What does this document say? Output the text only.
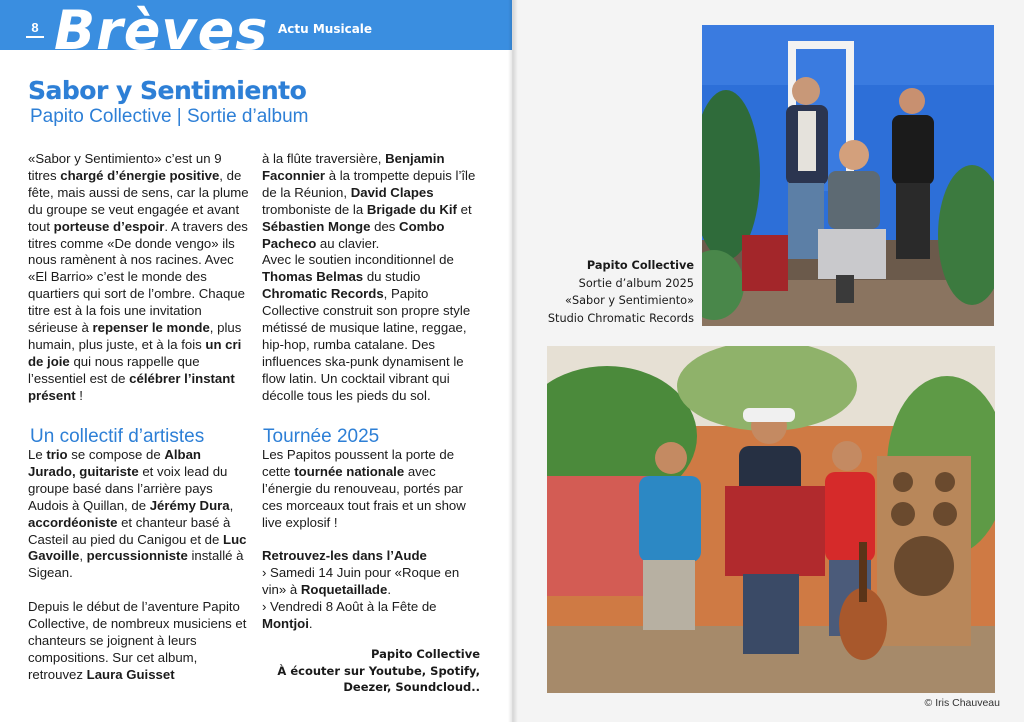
8 Brèves Actu Musicale
Sabor y Sentimiento
Papito Collective | Sortie d’album

«Sabor y Sentimiento» c’est un 9 titres chargé d’énergie positive, de fête, mais aussi de sens, car la plume du groupe se veut engagée et avant tout porteuse d’espoir. A travers des titres comme «De donde vengo» ils nous ramènent à nos racines. Avec «El Barrio» c’est le monde des quartiers qui sort de l’ombre. Chaque titre est à la fois une invitation sérieuse à repenser le monde, plus humain, plus juste, et à la fois un cri de joie qui nous rappelle que l’essentiel est de célébrer l’instant présent !

à la flûte traversière, Benjamin Faconnier à la trompette depuis l’île de la Réunion, David Clapes tromboniste de la Brigade du Kif et Sébastien Monge des Combo Pacheco au clavier.

Avec le soutien inconditionnel de Thomas Belmas du studio Chromatic Records, Papito Collective construit son propre style métissé de musique latine, reggae, hip-hop, rumba catalane. Des influences ska-punk dynamisent le flow latin. Un cocktail vibrant qui décolle tous les pieds du sol.

Un collectif d’artistes	Tournée 2025

Le trio se compose de Alban Jurado, guitariste et voix lead du groupe basé dans l’arrière pays Audois à Quillan, de Jérémy Dura, accordéoniste et chanteur basé à Casteil au pied du Canigou et de Luc Gavoille, percussionniste installé à Sigean.

Depuis le début de l’aventure Papito Collective, de nombreux musiciens et chanteurs se joignent à leurs compositions. Sur cet album, retrouvez Laura Guisset

Les Papitos poussent la porte de cette tournée nationale avec l’énergie du renouveau, portés par ces morceaux tout frais et un show live explosif !

Retrouvez-les dans l’Aude

› Samedi 14 Juin pour «Roque en vin» à Roquetaillade.

› Vendredi 8 Août à la Fête de Montjoi.

Papito Collective
À écouter sur Youtube, Spotify,
Deezer, Soundcloud..
Papito Collective
Sortie d’album 2025
«Sabor y Sentimiento»
Studio Chromatic Records
© Iris Chauveau
